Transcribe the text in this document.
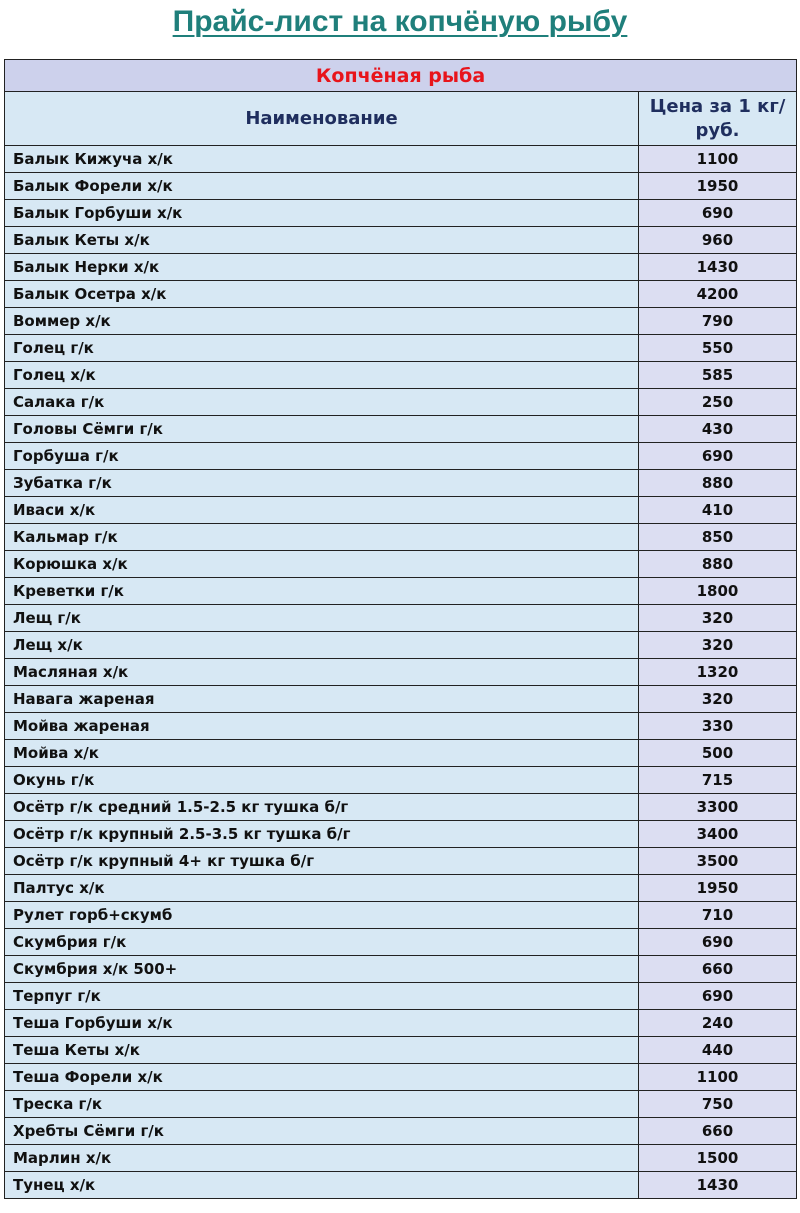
Прайс-лист на копчёную рыбу
Копчёная рыба	
Наименование	Цена за 1 кг/ руб.
Балык Кижуча х/к	1100
Балык Форели х/к	1950
Балык Горбуши х/к	690
Балык Кеты х/к	960
Балык Нерки х/к	1430
Балык Осетра х/к	4200
Воммер х/к	790
Голец г/к	550
Голец х/к	585
Салака г/к	250
Головы Сёмги г/к	430
Горбуша г/к	690
Зубатка г/к	880
Иваси х/к	410
Кальмар г/к	850
Корюшка х/к	880
Креветки г/к	1800
Лещ г/к	320
Лещ х/к	320
Масляная х/к	1320
Навага жареная	320
Мойва жареная	330
Мойва х/к	500
Окунь г/к	715
Осётр г/к средний 1.5-2.5 кг тушка б/г	3300
Осётр г/к крупный 2.5-3.5 кг тушка б/г	3400
Осётр г/к крупный 4+ кг тушка б/г	3500
Палтус х/к	1950
Рулет горб+скумб	710
Скумбрия г/к	690
Скумбрия х/к 500+	660
Терпуг г/к	690
Теша Горбуши х/к	240
Теша Кеты х/к	440
Теша Форели х/к	1100
Треска г/к	750
Хребты Сёмги г/к	660
Марлин х/к	1500
Тунец х/к	1430
